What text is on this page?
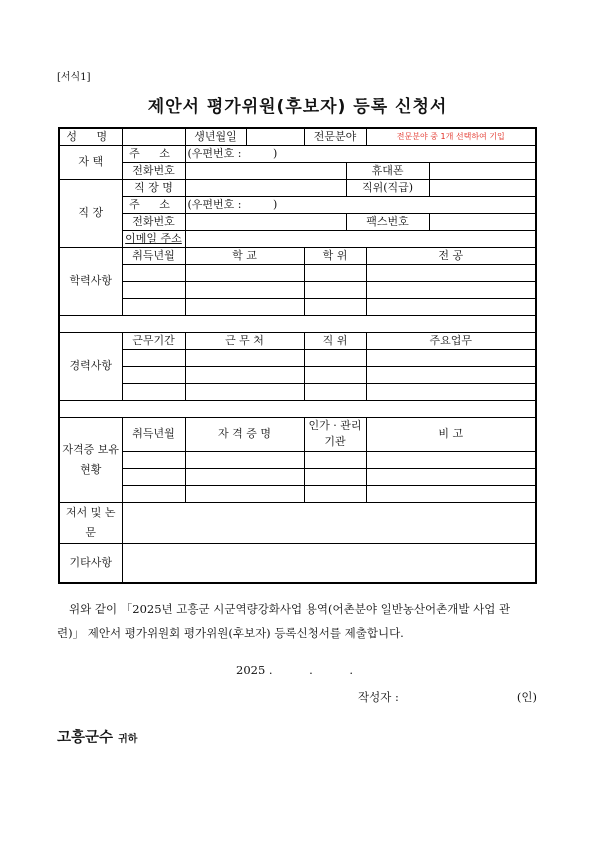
[서식1]
제안서 평가위원(후보자) 등록 신청서
성 명		생년월일		전문분야		전문분야 중 1개 선택하여 기입	
자 택	주 소	(우편번호 :         )					
	전화번호				휴대폰		
직 장	직 장 명				직위(직급)		
	주 소	(우편번호 :         )					
	전화번호				팩스번호		
	이메일 주소						
학력사항	취득년월	학 교		학 위		전 공	

경력사항	근무기간	근 무 처		직 위		주요업무	

자격증 보유현황	취득년월	자 격 증 명		인가 · 관리 기관		비 고	

저서 및 논문							
기타사항							
위와 같이 「2025년 고흥군 시군역량강화사업 용역(어촌분야 일반농산어촌개발 사업 관련)」 제안서 평가위원회 평가위원(후보자) 등록신청서를 제출합니다.
2025 .          .          .
작성자 :	(인)
고흥군수 귀하
